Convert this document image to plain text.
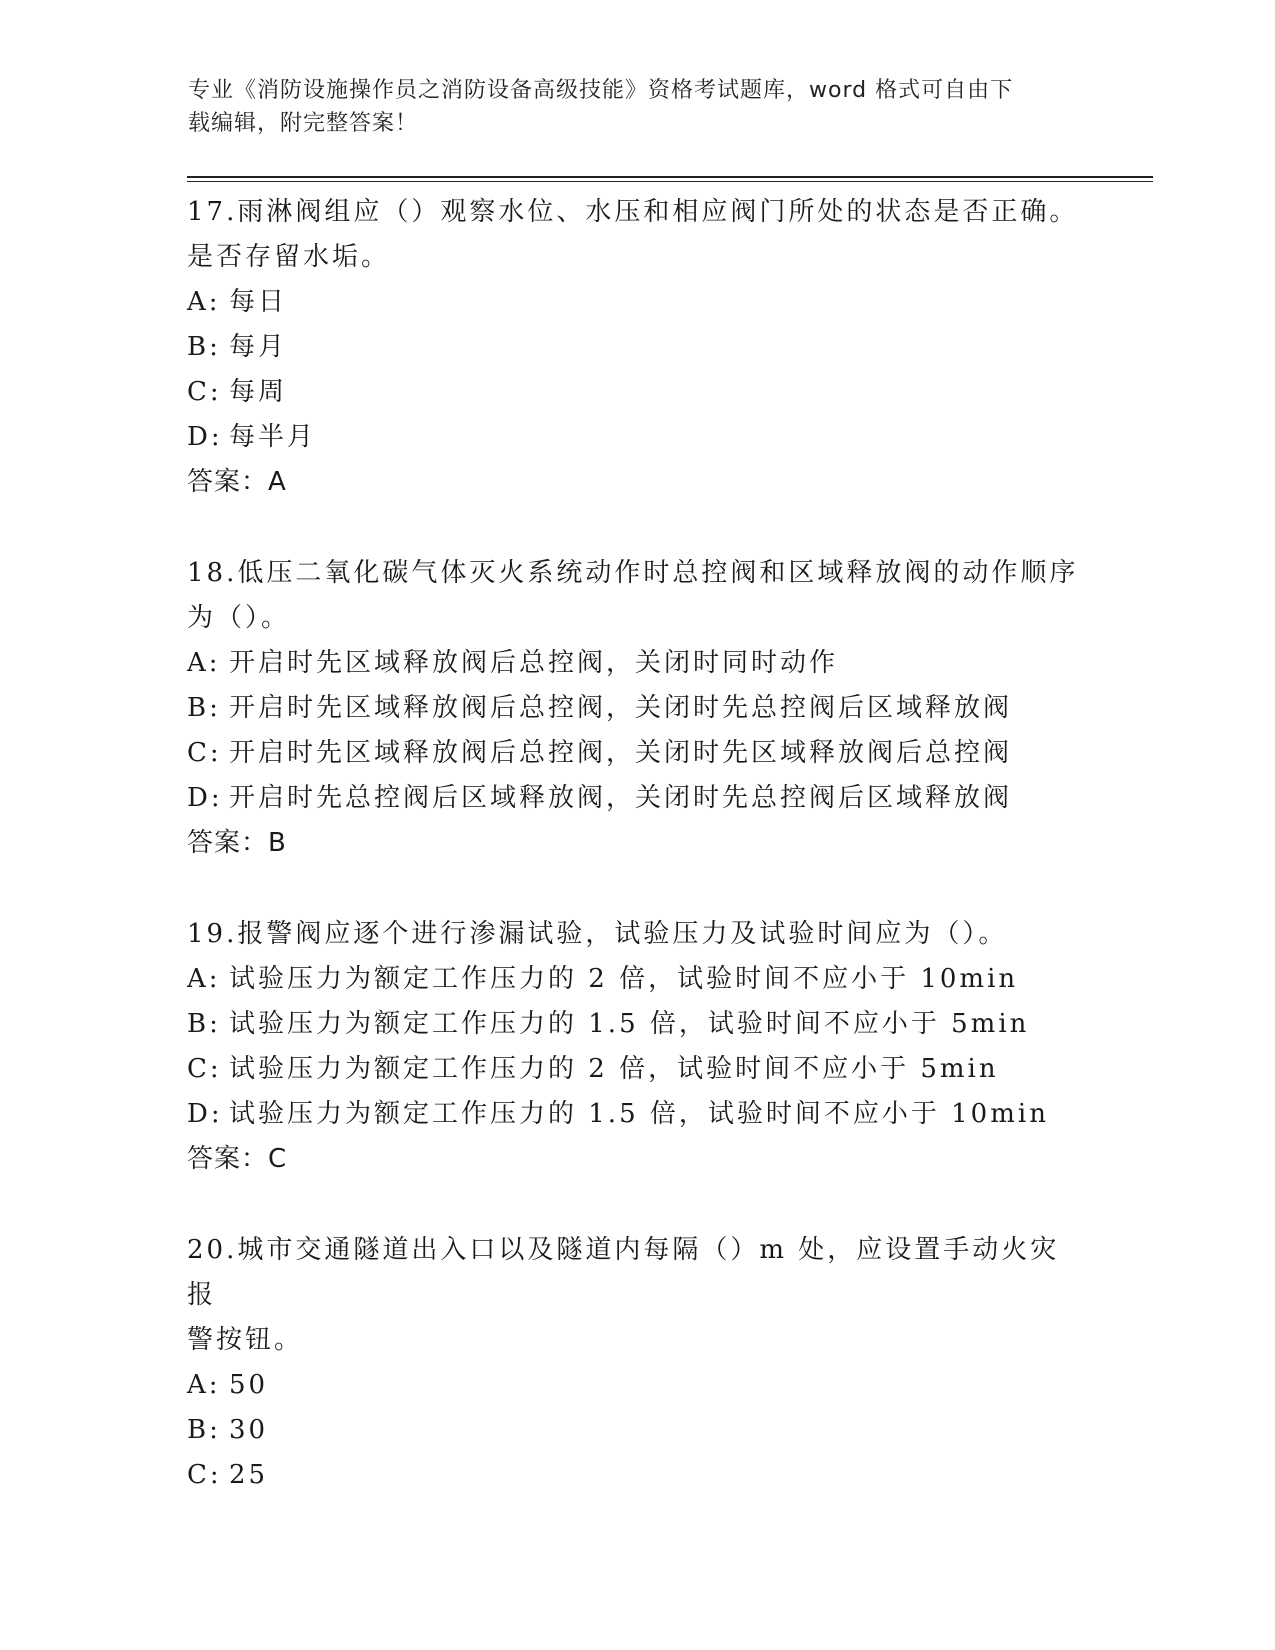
专业《消防设施操作员之消防设备高级技能》资格考试题库，word 格式可自由下
载编辑，附完整答案！

17.雨淋阀组应（）观察水位、水压和相应阀门所处的状态是否正确。

是否存留水垢。

A: 每日

B: 每月

C: 每周

D: 每半月

答案：A

18.低压二氧化碳气体灭火系统动作时总控阀和区域释放阀的动作顺序

为（）。

A: 开启时先区域释放阀后总控阀，关闭时同时动作

B: 开启时先区域释放阀后总控阀，关闭时先总控阀后区域释放阀

C: 开启时先区域释放阀后总控阀，关闭时先区域释放阀后总控阀

D: 开启时先总控阀后区域释放阀，关闭时先总控阀后区域释放阀

答案：B

19.报警阀应逐个进行渗漏试验，试验压力及试验时间应为（）。

A: 试验压力为额定工作压力的 2 倍，试验时间不应小于 10min

B: 试验压力为额定工作压力的 1.5 倍，试验时间不应小于 5min

C: 试验压力为额定工作压力的 2 倍，试验时间不应小于 5min

D: 试验压力为额定工作压力的 1.5 倍，试验时间不应小于 10min

答案：C

20.城市交通隧道出入口以及隧道内每隔（）m 处，应设置手动火灾报

警按钮。

A: 50

B: 30

C: 25
